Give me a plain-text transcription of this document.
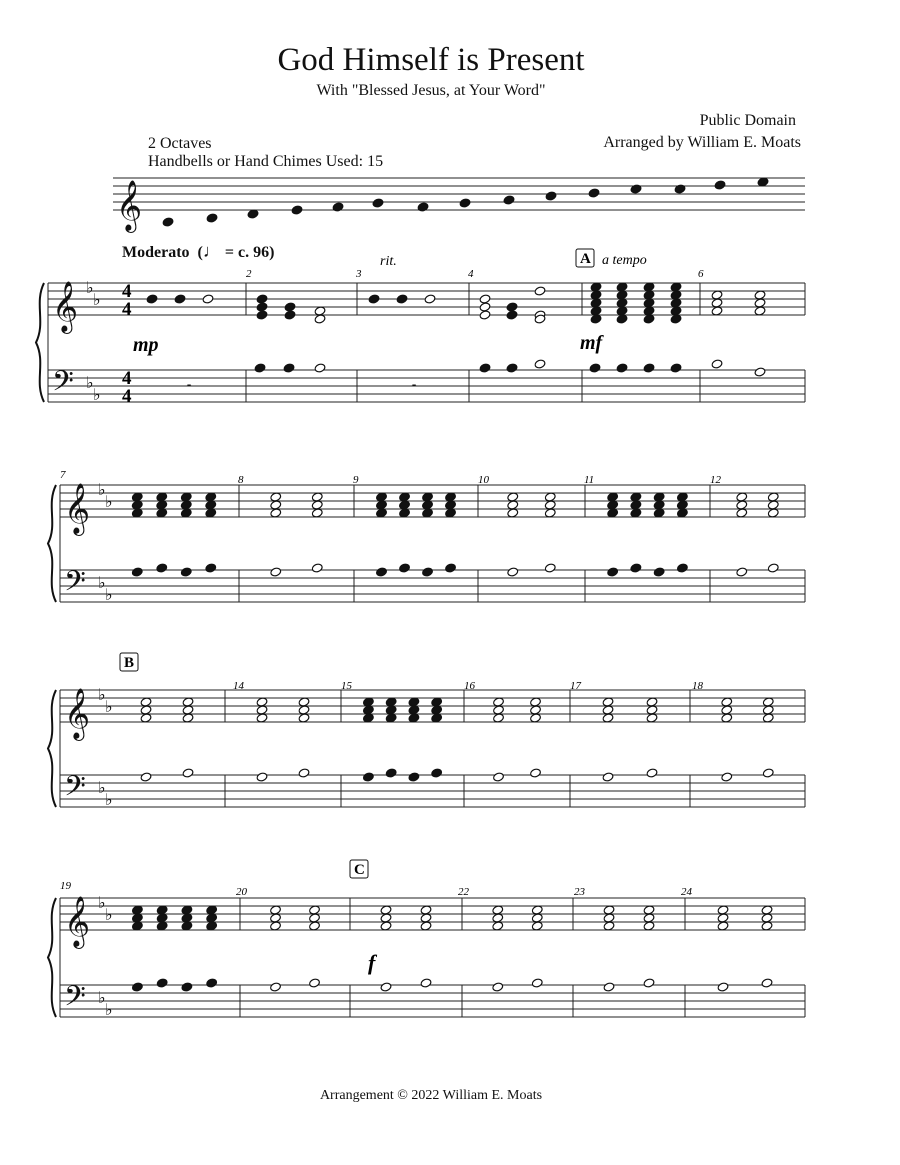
God Himself is Present
With "Blessed Jesus, at Your Word"
Public Domain
Arranged by William E. Moats
2 Octaves
Handbells or Hand Chimes Used: 15
Moderato  (♩ = c. 96)
Arrangement © 2022 William E. Moats
𝄞
𝄞
𝄢
♭
♭
♭
♭
𝄞
𝄢
♭
♭
♭
♭
𝄞
𝄢
♭
♭
♭
♭
𝄞
𝄢
♭
♭
♭
♭
𝄼	𝄼
rit.	a tempo
mp	mf
f
4
4
4
4
A
B
C
2	3	4	6
7	8	9	10	11	12
14	15	16	17	18
19	20	22	23	24
